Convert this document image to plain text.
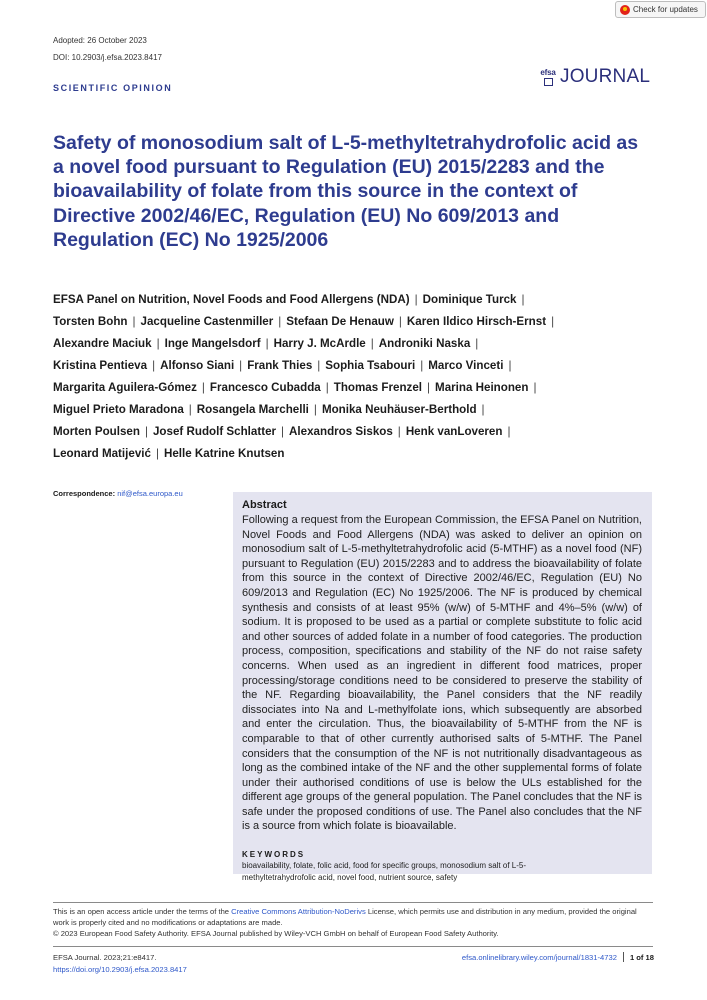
Check for updates
Adopted: 26 October 2023
DOI: 10.2903/j.efsa.2023.8417
efsa JOURNAL
SCIENTIFIC OPINION
Safety of monosodium salt of L-5-methyltetrahydrofolic acid as a novel food pursuant to Regulation (EU) 2015/2283 and the bioavailability of folate from this source in the context of Directive 2002/46/EC, Regulation (EU) No 609/2013 and Regulation (EC) No 1925/2006
EFSA Panel on Nutrition, Novel Foods and Food Allergens (NDA) | Dominique Turck |
Torsten Bohn | Jacqueline Castenmiller | Stefaan De Henauw | Karen Ildico Hirsch-Ernst |
Alexandre Maciuk | Inge Mangelsdorf | Harry J. McArdle | Androniki Naska |
Kristina Pentieva | Alfonso Siani | Frank Thies | Sophia Tsabouri | Marco Vinceti |
Margarita Aguilera-Gómez | Francesco Cubadda | Thomas Frenzel | Marina Heinonen |
Miguel Prieto Maradona | Rosangela Marchelli | Monika Neuhäuser-Berthold |
Morten Poulsen | Josef Rudolf Schlatter | Alexandros Siskos | Henk vanLoveren |
Leonard Matijević | Helle Katrine Knutsen
Correspondence: nif@efsa.europa.eu
Abstract

Following a request from the European Commission, the EFSA Panel on Nutrition, Novel Foods and Food Allergens (NDA) was asked to deliver an opinion on monosodium salt of L-5-methyltetrahydrofolic acid (5-MTHF) as a novel food (NF) pursuant to Regulation (EU) 2015/2283 and to address the bioavailability of folate from this source in the context of Directive 2002/46/EC, Regulation (EU) No 609/2013 and Regulation (EC) No 1925/2006. The NF is produced by chemical synthesis and consists of at least 95% (w/w) of 5-MTHF and 4%–5% (w/w) of sodium. It is proposed to be used as a partial or complete substitute to folic acid and other sources of added folate in a number of food categories. The production process, composition, specifications and stability of the NF do not raise safety concerns. When used as an ingredient in different food matrices, proper processing/storage conditions need to be considered to preserve the stability of the NF. Regarding bioavailability, the Panel considers that the NF readily dissociates into Na and L-methylfolate ions, which subsequently are absorbed and enter the circulation. Thus, the bioavailability of 5-MTHF from the NF is comparable to that of other currently authorised salts of 5-MTHF. The Panel considers that the consumption of the NF is not nutritionally disadvantageous as long as the combined intake of the NF and the other supplemental forms of folate under their authorised conditions of use is below the ULs established for the different age groups of the general population. The Panel concludes that the NF is safe under the proposed conditions of use. The Panel also concludes that the NF is a source from which folate is bioavailable.

KEYWORDS
bioavailability, folate, folic acid, food for specific groups, monosodium salt of L-5-methyltetrahydrofolic acid, novel food, nutrient source, safety
This is an open access article under the terms of the Creative Commons Attribution-NoDerivs License, which permits use and distribution in any medium, provided the original work is properly cited and no modifications or adaptations are made.
© 2023 European Food Safety Authority. EFSA Journal published by Wiley-VCH GmbH on behalf of European Food Safety Authority.
EFSA Journal. 2023;21:e8417.
https://doi.org/10.2903/j.efsa.2023.8417
efsa.onlinelibrary.wiley.com/journal/1831-4732 1 of 18
